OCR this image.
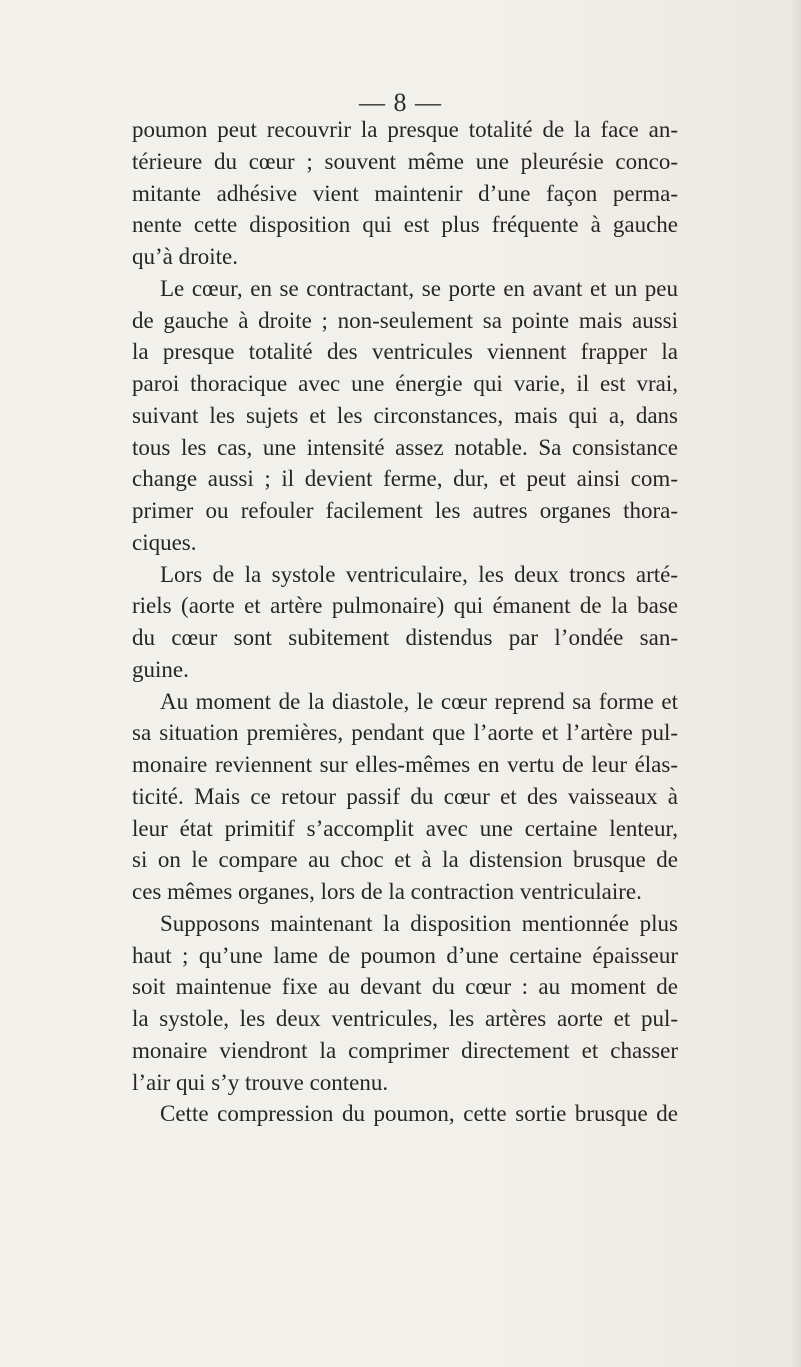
— 8 —
poumon peut recouvrir la presque totalité de la face an-
térieure du cœur ; souvent même une pleurésie conco-
mitante adhésive vient maintenir d’une façon perma-
nente cette disposition qui est plus fréquente à gauche
qu’à droite.
Le cœur, en se contractant, se porte en avant et un peu
de gauche à droite ; non-seulement sa pointe mais aussi
la presque totalité des ventricules viennent frapper la
paroi thoracique avec une énergie qui varie, il est vrai,
suivant les sujets et les circonstances, mais qui a, dans
tous les cas, une intensité assez notable. Sa consistance
change aussi ; il devient ferme, dur, et peut ainsi com-
primer ou refouler facilement les autres organes thora-
ciques.
Lors de la systole ventriculaire, les deux troncs arté-
riels (aorte et artère pulmonaire) qui émanent de la base
du cœur sont subitement distendus par l’ondée san-
guine.
Au moment de la diastole, le cœur reprend sa forme et
sa situation premières, pendant que l’aorte et l’artère pul-
monaire reviennent sur elles-mêmes en vertu de leur élas-
ticité. Mais ce retour passif du cœur et des vaisseaux à
leur état primitif s’accomplit avec une certaine lenteur,
si on le compare au choc et à la distension brusque de
ces mêmes organes, lors de la contraction ventriculaire.
Supposons maintenant la disposition mentionnée plus
haut ; qu’une lame de poumon d’une certaine épaisseur
soit maintenue fixe au devant du cœur : au moment de
la systole, les deux ventricules, les artères aorte et pul-
monaire viendront la comprimer directement et chasser
l’air qui s’y trouve contenu.
Cette compression du poumon, cette sortie brusque de
